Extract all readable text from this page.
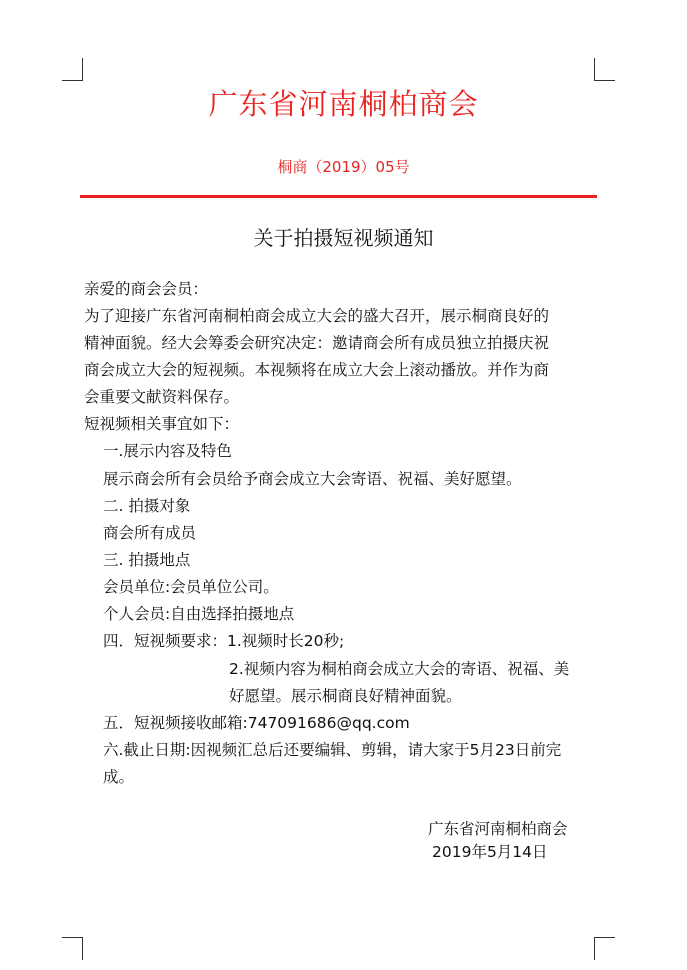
广东省河南桐柏商会
桐商（2019）05号
关于拍摄短视频通知
亲爱的商会会员：
为了迎接广东省河南桐柏商会成立大会的盛大召开，展示桐商良好的
精神面貌。经大会筹委会研究决定：邀请商会所有成员独立拍摄庆祝
商会成立大会的短视频。本视频将在成立大会上滚动播放。并作为商
会重要文献资料保存。
短视频相关事宜如下：
一.展示内容及特色
展示商会所有会员给予商会成立大会寄语、祝福、美好愿望。
二. 拍摄对象
商会所有成员
三. 拍摄地点
会员单位:会员单位公司。
个人会员:自由选择拍摄地点
四．短视频要求：1.视频时长20秒;
2.视频内容为桐柏商会成立大会的寄语、祝福、美
好愿望。展示桐商良好精神面貌。
五．短视频接收邮箱:747091686@qq.com
六.截止日期:因视频汇总后还要编辑、剪辑，请大家于5月23日前完
成。
广东省河南桐柏商会
2019年5月14日
